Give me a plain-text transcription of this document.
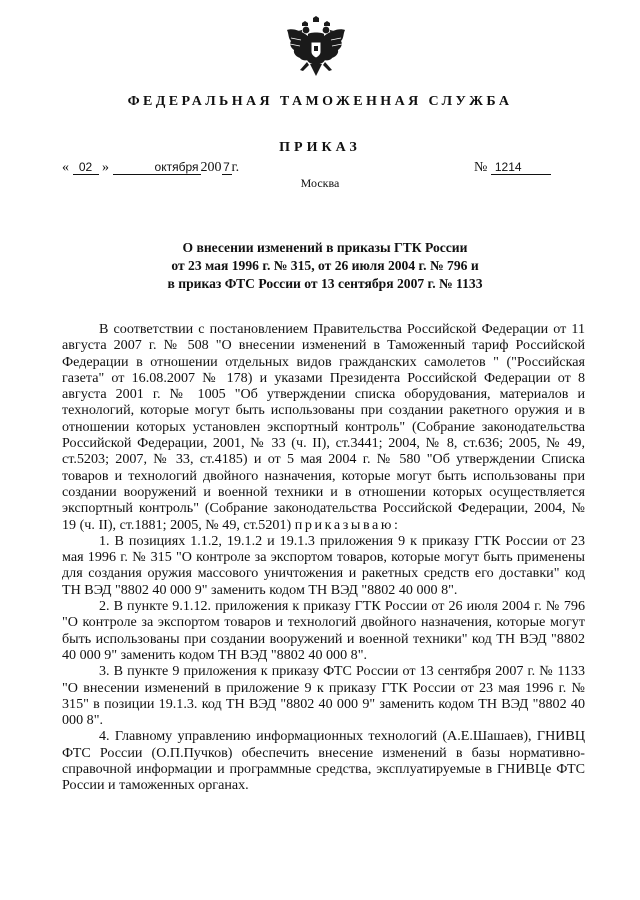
ФЕДЕРАЛЬНАЯ ТАМОЖЕННАЯ СЛУЖБА
ПРИКАЗ
« 02 »	октября 200 7 г.	№ 1214
Москва
О внесении изменений в приказы ГТК России
от 23 мая 1996 г. № 315, от 26 июля 2004 г. № 796 и
в приказ ФТС России от 13 сентября 2007 г. № 1133

В соответствии с постановлением Правительства Российской Федерации от 11 августа 2007 г. № 508 "О внесении изменений в Таможенный тариф Российской Федерации в отношении отдельных видов гражданских самолетов " ("Российская газета" от 16.08.2007 № 178) и указами Президента Российской Федерации от 8 августа 2001 г. № 1005 "Об утверждении списка оборудования, материалов и технологий, которые могут быть использованы при создании ракетного оружия и в отношении которых установлен экспортный контроль" (Собрание законодательства Российской Федерации, 2001, № 33 (ч. II), ст.3441; 2004, № 8, ст.636; 2005, № 49, ст.5203; 2007, № 33, ст.4185) и от 5 мая 2004 г. № 580 "Об утверждении Списка товаров и технологий двойного назначения, которые могут быть использованы при создании вооружений и военной техники и в отношении которых осуществляется экспортный контроль" (Собрание законодательства Российской Федерации, 2004, № 19 (ч. II), ст.1881; 2005, № 49, ст.5201) приказываю:

1. В позициях 1.1.2, 19.1.2 и 19.1.3 приложения 9 к приказу ГТК России от 23 мая 1996 г. № 315 "О контроле за экспортом товаров, которые могут быть применены для создания оружия массового уничтожения и ракетных средств его доставки" код ТН ВЭД "8802 40 000 9" заменить кодом ТН ВЭД "8802 40 000 8".

2. В пункте 9.1.12. приложения к приказу ГТК России от 26 июля 2004 г. № 796 "О контроле за экспортом товаров и технологий двойного назначения, которые могут быть использованы при создании вооружений и военной техники" код ТН ВЭД "8802 40 000 9" заменить кодом ТН ВЭД "8802 40 000 8".

3. В пункте 9 приложения к приказу ФТС России от 13 сентября 2007 г. № 1133 "О внесении изменений в приложение 9 к приказу ГТК России от 23 мая 1996 г. № 315" в позиции 19.1.3. код ТН ВЭД "8802 40 000 9" заменить кодом ТН ВЭД "8802 40 000 8".

4. Главному управлению информационных технологий (А.Е.Шашаев), ГНИВЦ ФТС России (О.П.Пучков) обеспечить внесение изменений в базы нормативно-справочной информации и программные средства, эксплуатируемые в ГНИВЦе ФТС России и таможенных органах.
